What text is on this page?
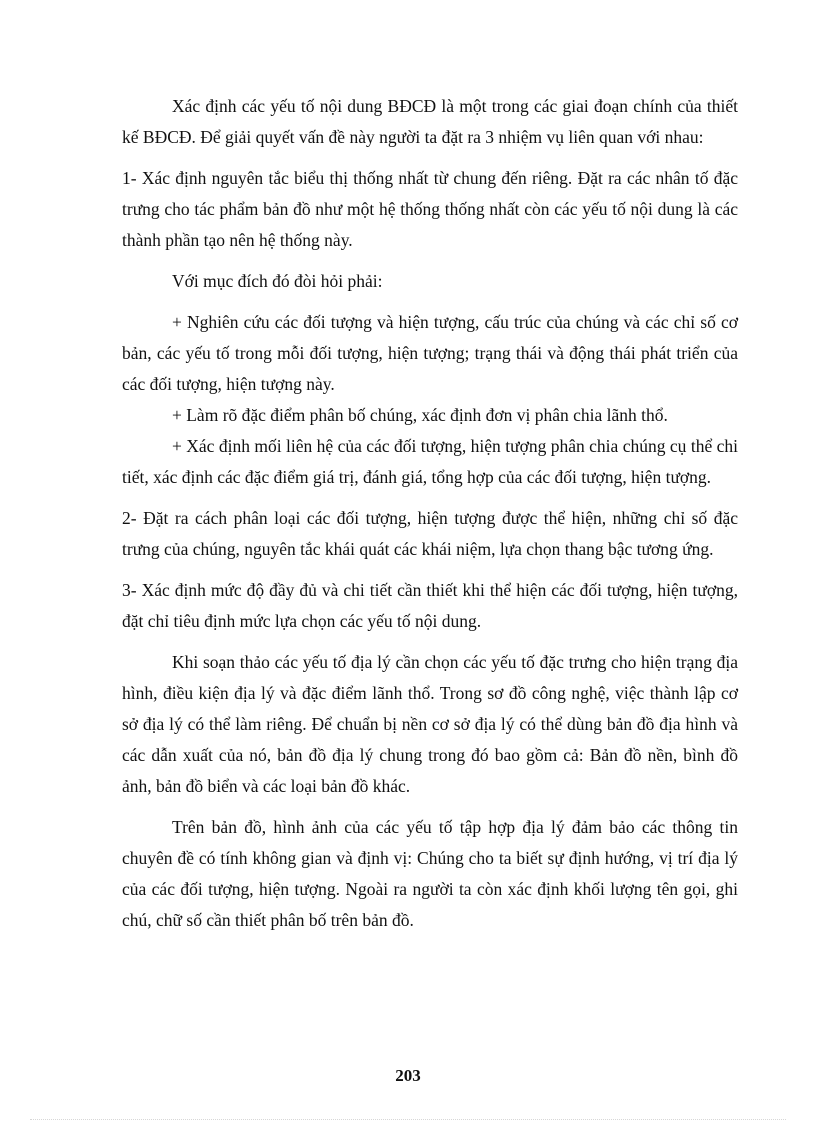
Xác định các yếu tố nội dung BĐCĐ là một trong các giai đoạn chính của thiết kế BĐCĐ. Để giải quyết vấn đề này người ta đặt ra 3 nhiệm vụ liên quan với nhau:

1- Xác định nguyên tắc biểu thị thống nhất từ chung đến riêng. Đặt ra các nhân tố đặc trưng cho tác phẩm bản đồ như một hệ thống thống nhất còn các yếu tố nội dung là các thành phần tạo nên hệ thống này.

Với mục đích đó đòi hỏi phải:

+ Nghiên cứu các đối tượng và hiện tượng, cấu trúc của chúng và các chỉ số cơ bản, các yếu tố trong mỗi đối tượng, hiện tượng; trạng thái và động thái phát triển của các đối tượng, hiện tượng này.

+ Làm rõ đặc điểm phân bố chúng, xác định đơn vị phân chia lãnh thổ.

+ Xác định mối liên hệ của các đối tượng, hiện tượng phân chia chúng cụ thể chi tiết, xác định các đặc điểm giá trị, đánh giá, tổng hợp của các đối tượng, hiện tượng.

2- Đặt ra cách phân loại các đối tượng, hiện tượng được thể hiện, những chỉ số đặc trưng của chúng, nguyên tắc khái quát các khái niệm, lựa chọn thang bậc tương ứng.

3- Xác định mức độ đầy đủ và chi tiết cần thiết khi thể hiện các đối tượng, hiện tượng, đặt chỉ tiêu định mức lựa chọn các yếu tố nội dung.

Khi soạn thảo các yếu tố địa lý cần chọn các yếu tố đặc trưng cho hiện trạng địa hình, điều kiện địa lý và đặc điểm lãnh thổ. Trong sơ đồ công nghệ, việc thành lập cơ sở địa lý có thể làm riêng. Để chuẩn bị nền cơ sở địa lý có thể dùng bản đồ địa hình và các dẫn xuất của nó, bản đồ địa lý chung trong đó bao gồm cả: Bản đồ nền, bình đồ ảnh, bản đồ biển và các loại bản đồ khác.

Trên bản đồ, hình ảnh của các yếu tố tập hợp địa lý đảm bảo các thông tin chuyên đề có tính không gian và định vị: Chúng cho ta biết sự định hướng, vị trí địa lý của các đối tượng, hiện tượng. Ngoài ra người ta còn xác định khối lượng tên gọi, ghi chú, chữ số cần thiết phân bố trên bản đồ.

203
